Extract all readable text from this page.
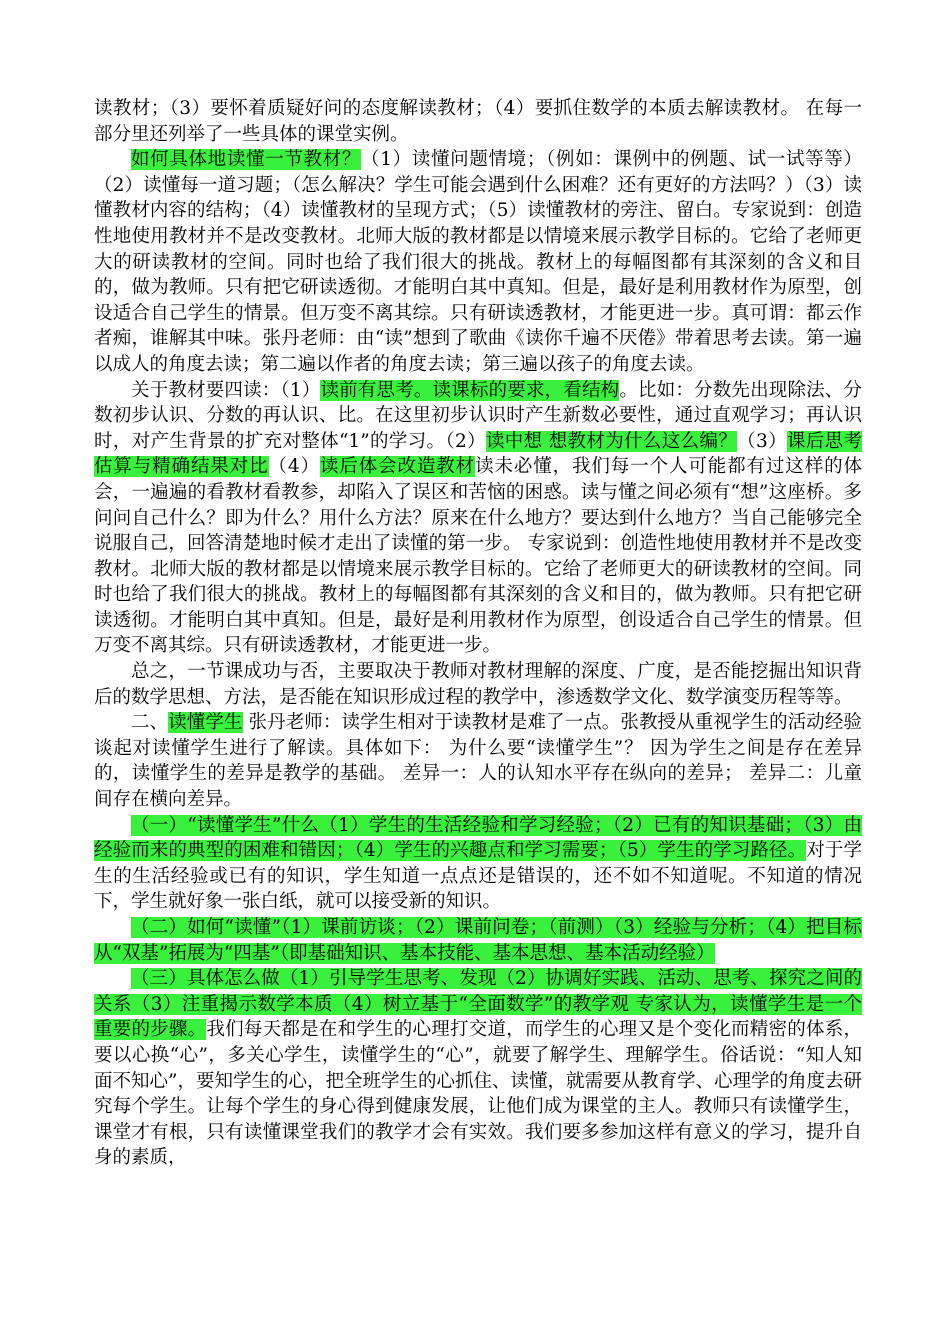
读教材；（3）要怀着质疑好问的态度解读教材；（4）要抓住数学的本质去解读教材。 在每一部分里还列举了一些具体的课堂实例。

如何具体地读懂一节教材？（1）读懂问题情境；（例如：课例中的例题、试一试等等）（2）读懂每一道习题；（怎么解决？学生可能会遇到什么困难？还有更好的方法吗？）（3）读懂教材内容的结构；（4）读懂教材的呈现方式；（5）读懂教材的旁注、留白。专家说到：创造性地使用教材并不是改变教材。北师大版的教材都是以情境来展示教学目标的。它给了老师更大的研读教材的空间。同时也给了我们很大的挑战。教材上的每幅图都有其深刻的含义和目的，做为教师。只有把它研读透彻。才能明白其中真知。但是，最好是利用教材作为原型，创设适合自己学生的情景。但万变不离其综。只有研读透教材，才能更进一步。真可谓：都云作者痴，谁解其中味。张丹老师：由“读”想到了歌曲《读你千遍不厌倦》带着思考去读。第一遍以成人的角度去读；第二遍以作者的角度去读；第三遍以孩子的角度去读。

关于教材要四读：（1）读前有思考。读课标的要求，看结构。比如：分数先出现除法、分数初步认识、分数的再认识、比。在这里初步认识时产生新数必要性，通过直观学习；再认识时，对产生背景的扩充对整体“1”的学习。（2）读中想 想教材为什么这么编？（3）课后思考 估算与精确结果对比（4）读后体会改造教材读未必懂，我们每一个人可能都有过这样的体会，一遍遍的看教材看教参，却陷入了误区和苦恼的困惑。读与懂之间必须有“想”这座桥。多问问自己什么？即为什么？用什么方法？原来在什么地方？要达到什么地方？当自己能够完全说服自己，回答清楚地时候才走出了读懂的第一步。 专家说到：创造性地使用教材并不是改变教材。北师大版的教材都是以情境来展示教学目标的。它给了老师更大的研读教材的空间。同时也给了我们很大的挑战。教材上的每幅图都有其深刻的含义和目的，做为教师。只有把它研读透彻。才能明白其中真知。但是，最好是利用教材作为原型，创设适合自己学生的情景。但万变不离其综。只有研读透教材，才能更进一步。

总之，一节课成功与否，主要取决于教师对教材理解的深度、广度，是否能挖掘出知识背后的数学思想、方法，是否能在知识形成过程的教学中，渗透数学文化、数学演变历程等等。

二、读懂学生 张丹老师：读学生相对于读教材是难了一点。张教授从重视学生的活动经验谈起对读懂学生进行了解读。具体如下： 为什么要“读懂学生”？ 因为学生之间是存在差异的，读懂学生的差异是教学的基础。 差异一：人的认知水平存在纵向的差异； 差异二：儿童间存在横向差异。

（一）“读懂学生”什么（1）学生的生活经验和学习经验；（2）已有的知识基础；（3）由经验而来的典型的困难和错因；（4）学生的兴趣点和学习需要；（5）学生的学习路径。对于学生的生活经验或已有的知识，学生知道一点点还是错误的，还不如不知道呢。不知道的情况下，学生就好象一张白纸，就可以接受新的知识。

（二）如何“读懂”（1）课前访谈；（2）课前问卷；（前测）（3）经验与分析；（4）把目标从“双基”拓展为“四基”（即基础知识、基本技能、基本思想、基本活动经验）

（三）具体怎么做（1）引导学生思考、发现（2）协调好实践、活动、思考、探究之间的关系（3）注重揭示数学本质（4）树立基于“全面数学”的教学观 专家认为，读懂学生是一个重要的步骤。我们每天都是在和学生的心理打交道，而学生的心理又是个变化而精密的体系，要以心换“心”，多关心学生，读懂学生的“心”，就要了解学生、理解学生。俗话说：“知人知面不知心”，要知学生的心，把全班学生的心抓住、读懂，就需要从教育学、心理学的角度去研究每个学生。让每个学生的身心得到健康发展，让他们成为课堂的主人。教师只有读懂学生，课堂才有根，只有读懂课堂我们的教学才会有实效。我们要多参加这样有意义的学习，提升自身的素质，
